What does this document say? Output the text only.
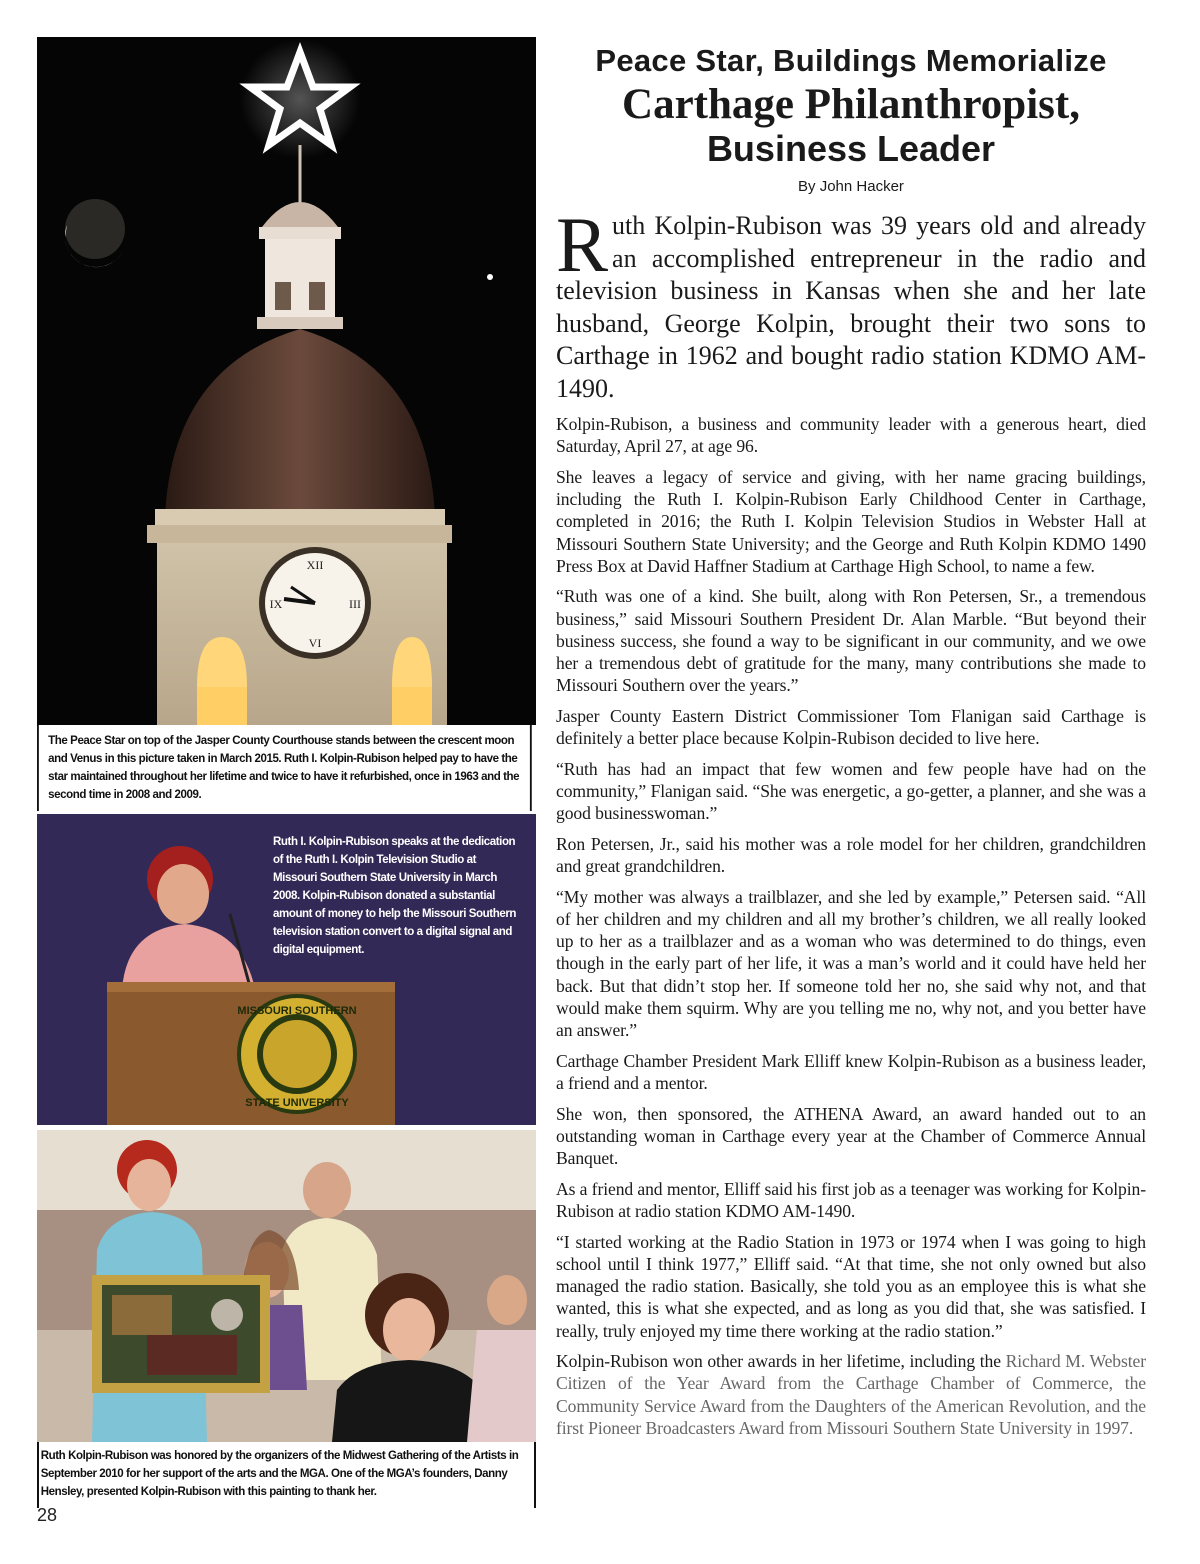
XII
III
VI
IX

The Peace Star on top of the Jasper County Courthouse stands between the crescent moon and Venus in this picture taken in March 2015. Ruth I. Kolpin-Rubison helped pay to have the star maintained throughout her lifetime and twice to have it refurbished, once in 1963 and the second time in 2008 and 2009.

MISSOURI SOUTHERN
STATE UNIVERSITY

Ruth I. Kolpin-Rubison speaks at the dedication of the Ruth I. Kolpin Television Studio at Missouri Southern State University in March 2008. Kolpin-Rubison donated a substantial amount of money to help the Missouri Southern television station convert to a digital signal and digital equipment.

Ruth Kolpin-Rubison was honored by the organizers of the Midwest Gathering of the Artists in September 2010 for her support of the arts and the MGA. One of the MGA’s founders, Danny Hensley, presented Kolpin-Rubison with this painting to thank her.

28

Peace Star, Buildings Memorialize

Carthage Philanthropist,

Business Leader

By John Hacker

Ruth Kolpin-Rubison was 39 years old and already an accomplished entrepreneur in the radio and television business in Kansas when she and her late husband, George Kolpin, brought their two sons to Carthage in 1962 and bought radio station KDMO AM-1490.

Kolpin-Rubison, a business and community leader with a generous heart, died Saturday, April 27, at age 96.

She leaves a legacy of service and giving, with her name gracing buildings, including the Ruth I. Kolpin-Rubison Early Childhood Center in Carthage, completed in 2016; the Ruth I. Kolpin Television Studios in Webster Hall at Missouri Southern State University; and the George and Ruth Kolpin KDMO 1490 Press Box at David Haffner Stadium at Carthage High School, to name a few.

“Ruth was one of a kind. She built, along with Ron Petersen, Sr., a tremendous business,” said Missouri Southern President Dr. Alan Marble. “But beyond their business success, she found a way to be significant in our community, and we owe her a tremendous debt of gratitude for the many, many contributions she made to Missouri Southern over the years.”

Jasper County Eastern District Commissioner Tom Flanigan said Carthage is definitely a better place because Kolpin-Rubison decided to live here.

“Ruth has had an impact that few women and few people have had on the community,” Flanigan said. “She was energetic, a go-getter, a planner, and she was a good businesswoman.”

Ron Petersen, Jr., said his mother was a role model for her children, grandchildren and great grandchildren.

“My mother was always a trailblazer, and she led by example,” Petersen said. “All of her children and my children and all my brother’s children, we all really looked up to her as a trailblazer and as a woman who was determined to do things, even though in the early part of her life, it was a man’s world and it could have held her back. But that didn’t stop her. If someone told her no, she said why not, and that would make them squirm. Why are you telling me no, why not, and you better have an answer.”

Carthage Chamber President Mark Elliff knew Kolpin-Rubison as a business leader, a friend and a mentor.

She won, then sponsored, the ATHENA Award, an award handed out to an outstanding woman in Carthage every year at the Chamber of Commerce Annual Banquet.

As a friend and mentor, Elliff said his first job as a teenager was working for Kolpin-Rubison at radio station KDMO AM-1490.

“I started working at the Radio Station in 1973 or 1974 when I was going to high school until I think 1977,” Elliff said. “At that time, she not only owned but also managed the radio station. Basically, she told you as an employee this is what she wanted, this is what she expected, and as long as you did that, she was satisfied. I really, truly enjoyed my time there working at the radio station.”

Kolpin-Rubison won other awards in her lifetime, including the Richard M. Webster Citizen of the Year Award from the Carthage Chamber of Commerce, the Community Service Award from the Daughters of the American Revolution, and the first Pioneer Broadcasters Award from Missouri Southern State University in 1997.
